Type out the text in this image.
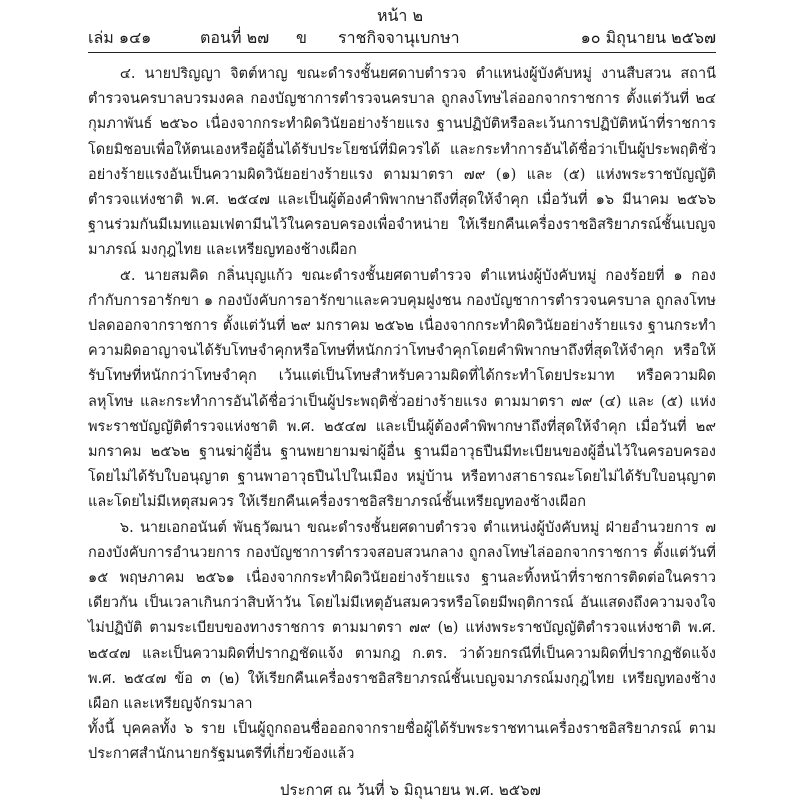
หน้า ๒
เล่ม ๑๔๑	ตอนที่ ๒๗ ข ราชกิจจานุเบกษา	๑๐ มิถุนายน ๒๕๖๗

๔. นายปริญญา จิตต์หาญ ขณะดำรงชั้นยศดาบตำรวจ ตำแหน่งผู้บังคับหมู่ งานสืบสวน สถานีตำรวจนครบาลบวรมงคล กองบัญชาการตำรวจนครบาล ถูกลงโทษไล่ออกจากราชการ ตั้งแต่วันที่ ๒๔ กุมภาพันธ์ ๒๕๖๐ เนื่องจากกระทำผิดวินัยอย่างร้ายแรง ฐานปฏิบัติหรือละเว้นการปฏิบัติหน้าที่ราชการ โดยมิชอบเพื่อให้ตนเองหรือผู้อื่นได้รับประโยชน์ที่มิควรได้ และกระทำการอันได้ชื่อว่าเป็นผู้ประพฤติชั่ว อย่างร้ายแรงอันเป็นความผิดวินัยอย่างร้ายแรง ตามมาตรา ๗๙ (๑) และ (๕) แห่งพระราชบัญญัติ ตำรวจแห่งชาติ พ.ศ. ๒๕๔๗ และเป็นผู้ต้องคำพิพากษาถึงที่สุดให้จำคุก เมื่อวันที่ ๑๖ มีนาคม ๒๕๖๖ ฐานร่วมกันมีเมทแอมเฟตามีนไว้ในครอบครองเพื่อจำหน่าย ให้เรียกคืนเครื่องราชอิสริยาภรณ์ชั้นเบญจมาภรณ์ มงกุฎไทย และเหรียญทองช้างเผือก

๕. นายสมคิด กลิ่นบุญแก้ว ขณะดำรงชั้นยศดาบตำรวจ ตำแหน่งผู้บังคับหมู่ กองร้อยที่ ๑ กองกำกับการอารักขา ๑ กองบังคับการอารักขาและควบคุมฝูงชน กองบัญชาการตำรวจนครบาล ถูกลงโทษปลดออกจากราชการ ตั้งแต่วันที่ ๒๙ มกราคม ๒๕๖๒ เนื่องจากกระทำผิดวินัยอย่างร้ายแรง ฐานกระทำความผิดอาญาจนได้รับโทษจำคุกหรือโทษที่หนักกว่าโทษจำคุกโดยคำพิพากษาถึงที่สุดให้จำคุก หรือให้รับโทษที่หนักกว่าโทษจำคุก เว้นแต่เป็นโทษสำหรับความผิดที่ได้กระทำโดยประมาท หรือความผิด ลหุโทษ และกระทำการอันได้ชื่อว่าเป็นผู้ประพฤติชั่วอย่างร้ายแรง ตามมาตรา ๗๙ (๔) และ (๕) แห่งพระราชบัญญัติตำรวจแห่งชาติ พ.ศ. ๒๕๔๗ และเป็นผู้ต้องคำพิพากษาถึงที่สุดให้จำคุก เมื่อวันที่ ๒๙ มกราคม ๒๕๖๒ ฐานฆ่าผู้อื่น ฐานพยายามฆ่าผู้อื่น ฐานมีอาวุธปืนมีทะเบียนของผู้อื่นไว้ในครอบครอง โดยไม่ได้รับใบอนุญาต ฐานพาอาวุธปืนไปในเมือง หมู่บ้าน หรือทางสาธารณะโดยไม่ได้รับใบอนุญาต และโดยไม่มีเหตุสมควร ให้เรียกคืนเครื่องราชอิสริยาภรณ์ชั้นเหรียญทองช้างเผือก

๖. นายเอกอนันต์ พันธุวัฒนา ขณะดำรงชั้นยศดาบตำรวจ ตำแหน่งผู้บังคับหมู่ ฝ่ายอำนวยการ ๗ กองบังคับการอำนวยการ กองบัญชาการตำรวจสอบสวนกลาง ถูกลงโทษไล่ออกจากราชการ ตั้งแต่วันที่ ๑๕ พฤษภาคม ๒๕๖๑ เนื่องจากกระทำผิดวินัยอย่างร้ายแรง ฐานละทิ้งหน้าที่ราชการติดต่อในคราวเดียวกัน เป็นเวลาเกินกว่าสิบห้าวัน โดยไม่มีเหตุอันสมควรหรือโดยมีพฤติการณ์ อันแสดงถึงความจงใจไม่ปฏิบัติ ตามระเบียบของทางราชการ ตามมาตรา ๗๙ (๒) แห่งพระราชบัญญัติตำรวจแห่งชาติ พ.ศ. ๒๕๔๗ และเป็นความผิดที่ปรากฏชัดแจ้ง ตามกฎ ก.ตร. ว่าด้วยกรณีที่เป็นความผิดที่ปรากฏชัดแจ้ง พ.ศ. ๒๕๔๗ ข้อ ๓ (๒) ให้เรียกคืนเครื่องราชอิสริยาภรณ์ชั้นเบญจมาภรณ์มงกุฎไทย เหรียญทองช้างเผือก และเหรียญจักรมาลา

ทั้งนี้ บุคคลทั้ง ๖ ราย เป็นผู้ถูกถอนชื่อออกจากรายชื่อผู้ได้รับพระราชทานเครื่องราชอิสริยาภรณ์ ตามประกาศสำนักนายกรัฐมนตรีที่เกี่ยวข้องแล้ว

ประกาศ ณ วันที่ ๖ มิถุนายน พ.ศ. ๒๕๖๗
